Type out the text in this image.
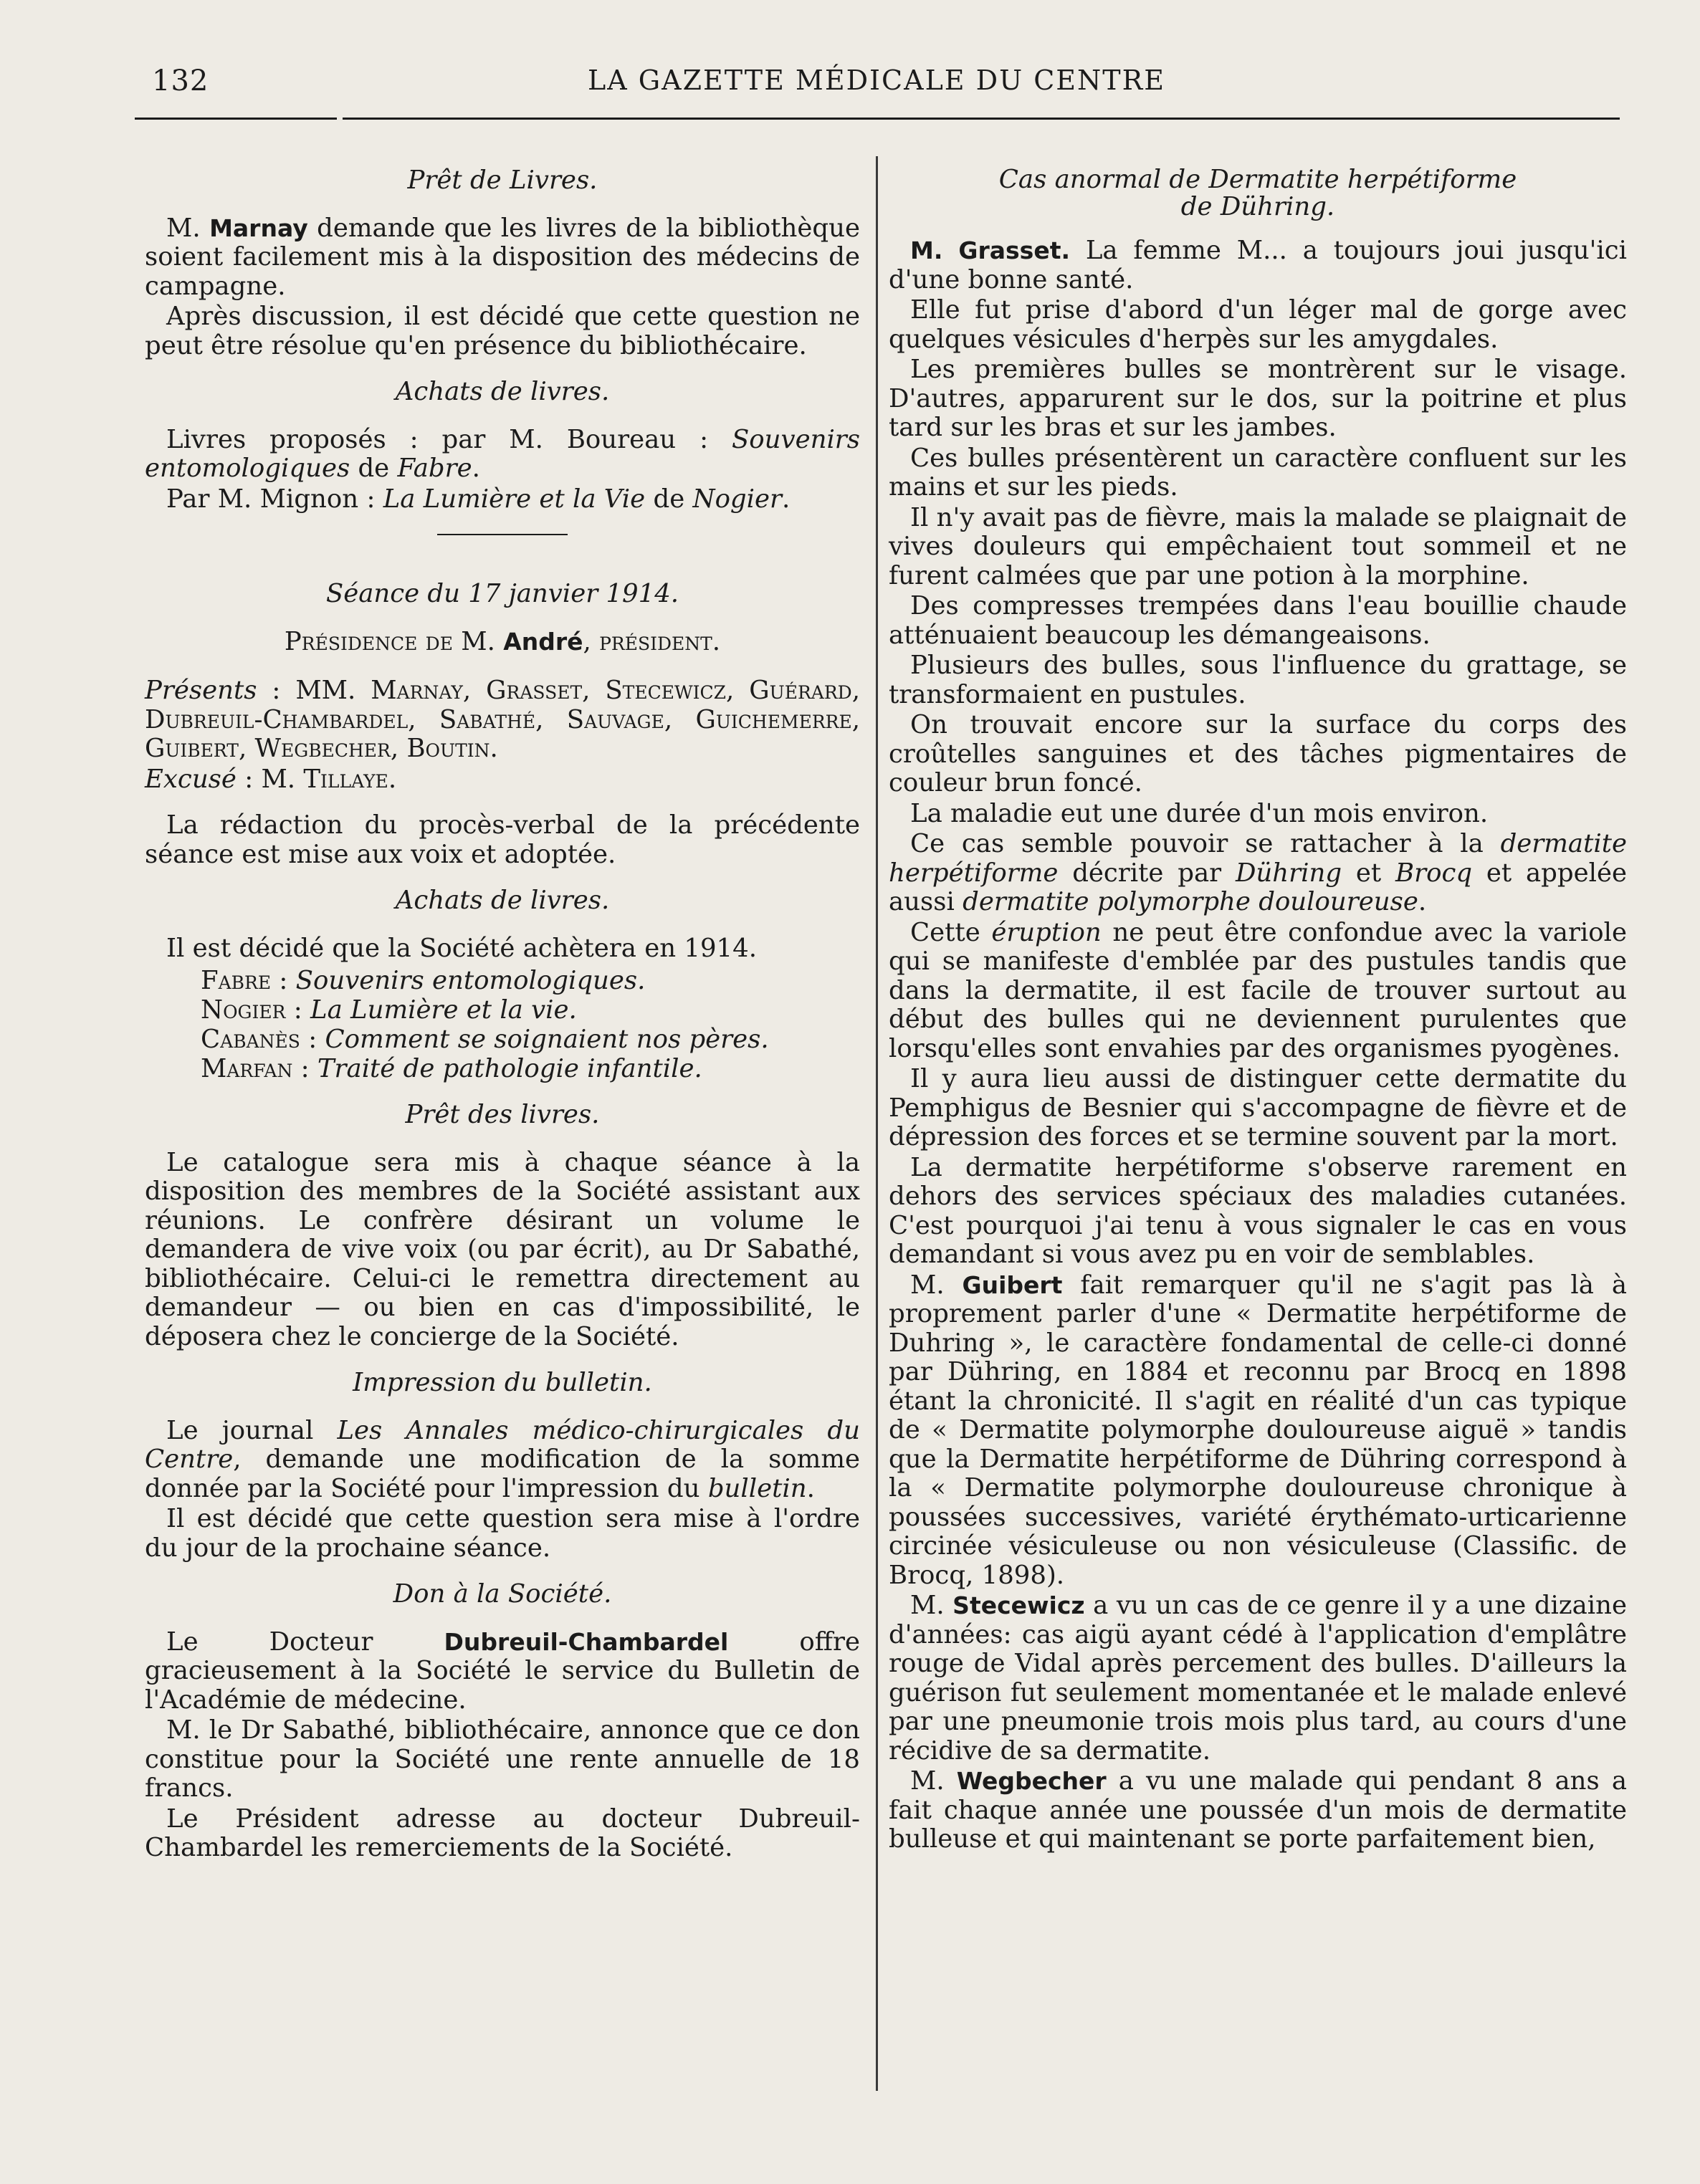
132	LA GAZETTE MÉDICALE DU CENTRE
Prêt de Livres.

M. Marnay demande que les livres de la bibliothèque soient facilement mis à la disposition des médecins de campagne.

Après discussion, il est décidé que cette question ne peut être résolue qu'en présence du bibliothécaire.

Achats de livres.

Livres proposés : par M. Boureau : Souvenirs entomologiques de Fabre.

Par M. Mignon : La Lumière et la Vie de Nogier.

Séance du 17 janvier 1914.
Présidence de M. André, président.

Présents : MM. Marnay, Grasset, Stecewicz, Guérard, Dubreuil-Chambardel, Sabathé, Sauvage, Guichemerre, Guibert, Wegbecher, Boutin.

Excusé : M. Tillaye.

La rédaction du procès-verbal de la précédente séance est mise aux voix et adoptée.

Achats de livres.

Il est décidé que la Société achètera en 1914.

Fabre : Souvenirs entomologiques.
Nogier : La Lumière et la vie.
Cabanès : Comment se soignaient nos pères.
Marfan : Traité de pathologie infantile.
Prêt des livres.

Le catalogue sera mis à chaque séance à la disposition des membres de la Société assistant aux réunions. Le confrère désirant un volume le demandera de vive voix (ou par écrit), au Dr Sabathé, bibliothécaire. Celui-ci le remettra directement au demandeur — ou bien en cas d'impossibilité, le déposera chez le concierge de la Société.

Impression du bulletin.

Le journal Les Annales médico-chirurgicales du Centre, demande une modification de la somme donnée par la Société pour l'impression du bulletin.

Il est décidé que cette question sera mise à l'ordre du jour de la prochaine séance.

Don à la Société.

Le Docteur Dubreuil-Chambardel offre gracieusement à la Société le service du Bulletin de l'Académie de médecine.

M. le Dr Sabathé, bibliothécaire, annonce que ce don constitue pour la Société une rente annuelle de 18 francs.

Le Président adresse au docteur Dubreuil-Chambardel les remerciements de la Société.

Cas anormal de Dermatite herpétiforme
de Dühring.

M. Grasset. La femme M... a toujours joui jusqu'ici d'une bonne santé.

Elle fut prise d'abord d'un léger mal de gorge avec quelques vésicules d'herpès sur les amygdales.

Les premières bulles se montrèrent sur le visage. D'autres, apparurent sur le dos, sur la poitrine et plus tard sur les bras et sur les jambes.

Ces bulles présentèrent un caractère confluent sur les mains et sur les pieds.

Il n'y avait pas de fièvre, mais la malade se plaignait de vives douleurs qui empêchaient tout sommeil et ne furent calmées que par une potion à la morphine.

Des compresses trempées dans l'eau bouillie chaude atténuaient beaucoup les démangeaisons.

Plusieurs des bulles, sous l'influence du grattage, se transformaient en pustules.

On trouvait encore sur la surface du corps des croûtelles sanguines et des tâches pigmentaires de couleur brun foncé.

La maladie eut une durée d'un mois environ.

Ce cas semble pouvoir se rattacher à la dermatite herpétiforme décrite par Dühring et Brocq et appelée aussi dermatite polymorphe douloureuse.

Cette éruption ne peut être confondue avec la variole qui se manifeste d'emblée par des pustules tandis que dans la dermatite, il est facile de trouver surtout au début des bulles qui ne deviennent purulentes que lorsqu'elles sont envahies par des organismes pyogènes.

Il y aura lieu aussi de distinguer cette dermatite du Pemphigus de Besnier qui s'accompagne de fièvre et de dépression des forces et se termine souvent par la mort.

La dermatite herpétiforme s'observe rarement en dehors des services spéciaux des maladies cutanées. C'est pourquoi j'ai tenu à vous signaler le cas en vous demandant si vous avez pu en voir de semblables.

M. Guibert fait remarquer qu'il ne s'agit pas là à proprement parler d'une « Dermatite herpétiforme de Duhring », le caractère fondamental de celle-ci donné par Dühring, en 1884 et reconnu par Brocq en 1898 étant la chronicité. Il s'agit en réalité d'un cas typique de « Dermatite polymorphe douloureuse aiguë » tandis que la Dermatite herpétiforme de Dühring correspond à la « Dermatite polymorphe douloureuse chronique à poussées successives, variété érythémato-urticarienne circinée vésiculeuse ou non vésiculeuse (Classific. de Brocq, 1898).

M. Stecewicz a vu un cas de ce genre il y a une dizaine d'années: cas aigü ayant cédé à l'application d'emplâtre rouge de Vidal après percement des bulles. D'ailleurs la guérison fut seulement momentanée et le malade enlevé par une pneumonie trois mois plus tard, au cours d'une récidive de sa dermatite.

M. Wegbecher a vu une malade qui pendant 8 ans a fait chaque année une poussée d'un mois de dermatite bulleuse et qui maintenant se porte parfaitement bien,
